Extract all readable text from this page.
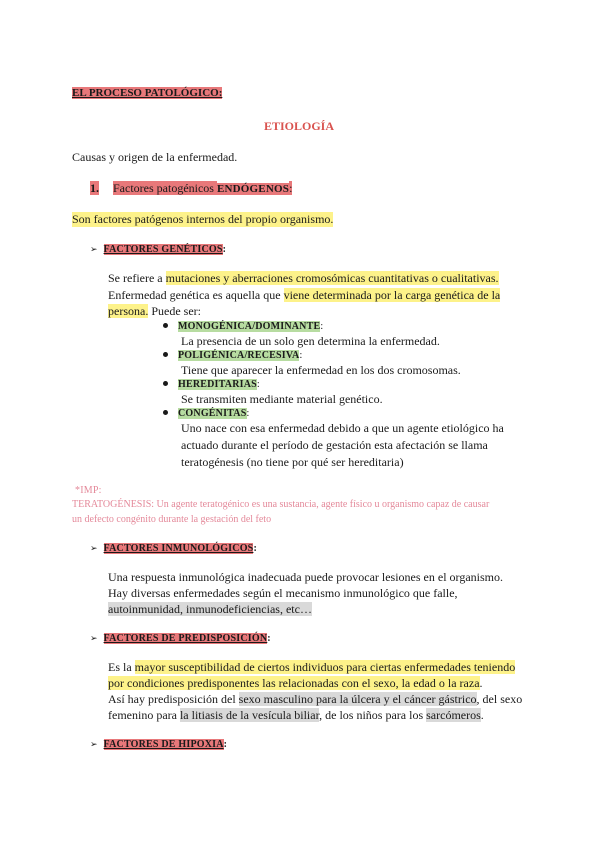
EL PROCESO PATOLÓGICO:
ETIOLOGÍA
Causas y origen de la enfermedad.
1. Factores patogénicos ENDÓGENOS:
Son factores patógenos internos del propio organismo.
➢ FACTORES GENÉTICOS:
Se refiere a mutaciones y aberraciones cromosómicas cuantitativas o cualitativas.
Enfermedad genética es aquella que viene determinada por la carga genética de la
persona. Puede ser:
MONOGÉNICA/DOMINANTE:
La presencia de un solo gen determina la enfermedad.
POLIGÉNICA/RECESIVA:
Tiene que aparecer la enfermedad en los dos cromosomas.
HEREDITARIAS:
Se transmiten mediante material genético.
CONGÉNITAS:
Uno nace con esa enfermedad debido a que un agente etiológico ha
actuado durante el período de gestación esta afectación se llama
teratogénesis (no tiene por qué ser hereditaria)
*IMP:
TERATOGÉNESIS: Un agente teratogénico es una sustancia, agente físico u organismo capaz de causar
un defecto congénito durante la gestación del feto
➢ FACTORES INMUNOLÓGICOS:
Una respuesta inmunológica inadecuada puede provocar lesiones en el organismo.
Hay diversas enfermedades según el mecanismo inmunológico que falle,
autoinmunidad, inmunodeficiencias, etc…
➢ FACTORES DE PREDISPOSICIÓN:
Es la mayor susceptibilidad de ciertos individuos para ciertas enfermedades teniendo
por condiciones predisponentes las relacionadas con el sexo, la edad o la raza.
Así hay predisposición del sexo masculino para la úlcera y el cáncer gástrico, del sexo
femenino para la litiasis de la vesícula biliar, de los niños para los sarcómeros.
➢ FACTORES DE HIPOXIA:
